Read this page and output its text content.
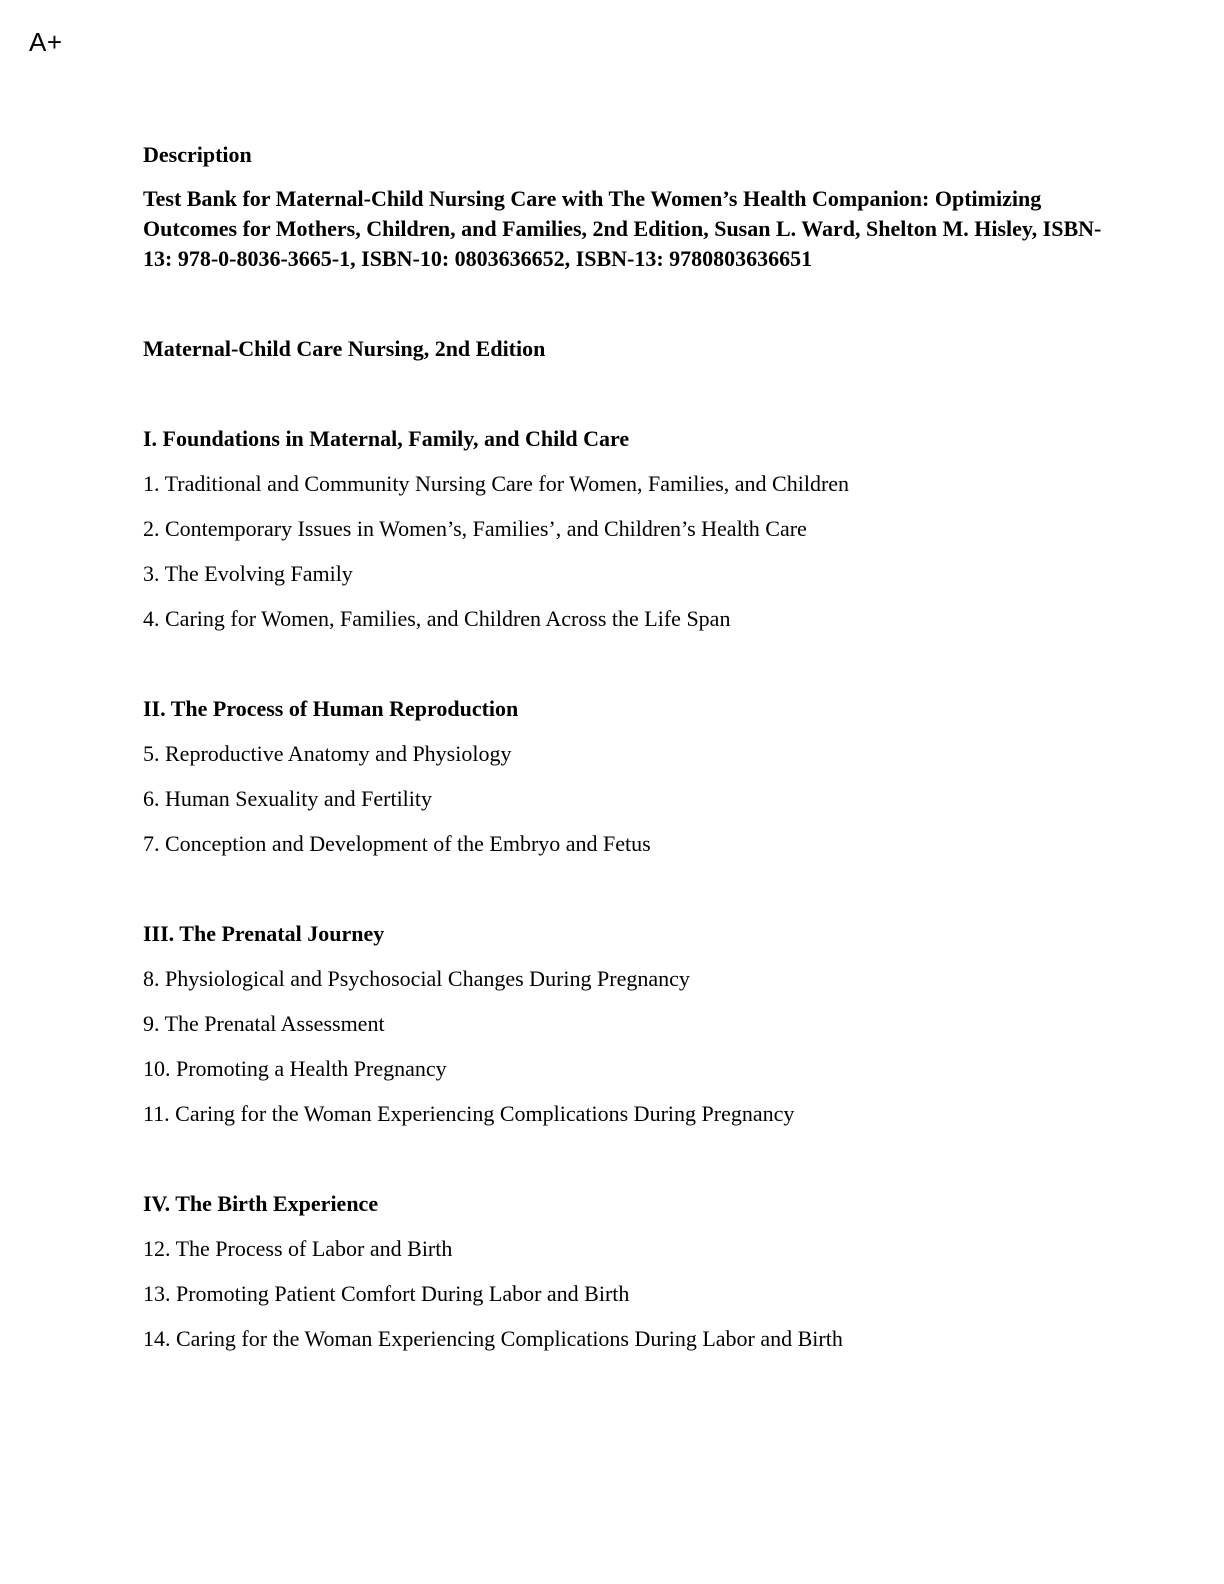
A+

Description

Test Bank for Maternal-Child Nursing Care with The Women’s Health Companion: Optimizing Outcomes for Mothers, Children, and Families, 2nd Edition, Susan L. Ward, Shelton M. Hisley, ISBN-13: 978-0-8036-3665-1, ISBN-10: 0803636652, ISBN-13: 9780803636651

Maternal-Child Care Nursing, 2nd Edition

I. Foundations in Maternal, Family, and Child Care

1. Traditional and Community Nursing Care for Women, Families, and Children

2. Contemporary Issues in Women’s, Families’, and Children’s Health Care

3. The Evolving Family

4. Caring for Women, Families, and Children Across the Life Span

II. The Process of Human Reproduction

5. Reproductive Anatomy and Physiology

6. Human Sexuality and Fertility

7. Conception and Development of the Embryo and Fetus

III. The Prenatal Journey

8. Physiological and Psychosocial Changes During Pregnancy

9. The Prenatal Assessment

10. Promoting a Health Pregnancy

11. Caring for the Woman Experiencing Complications During Pregnancy

IV. The Birth Experience

12. The Process of Labor and Birth

13. Promoting Patient Comfort During Labor and Birth

14. Caring for the Woman Experiencing Complications During Labor and Birth
